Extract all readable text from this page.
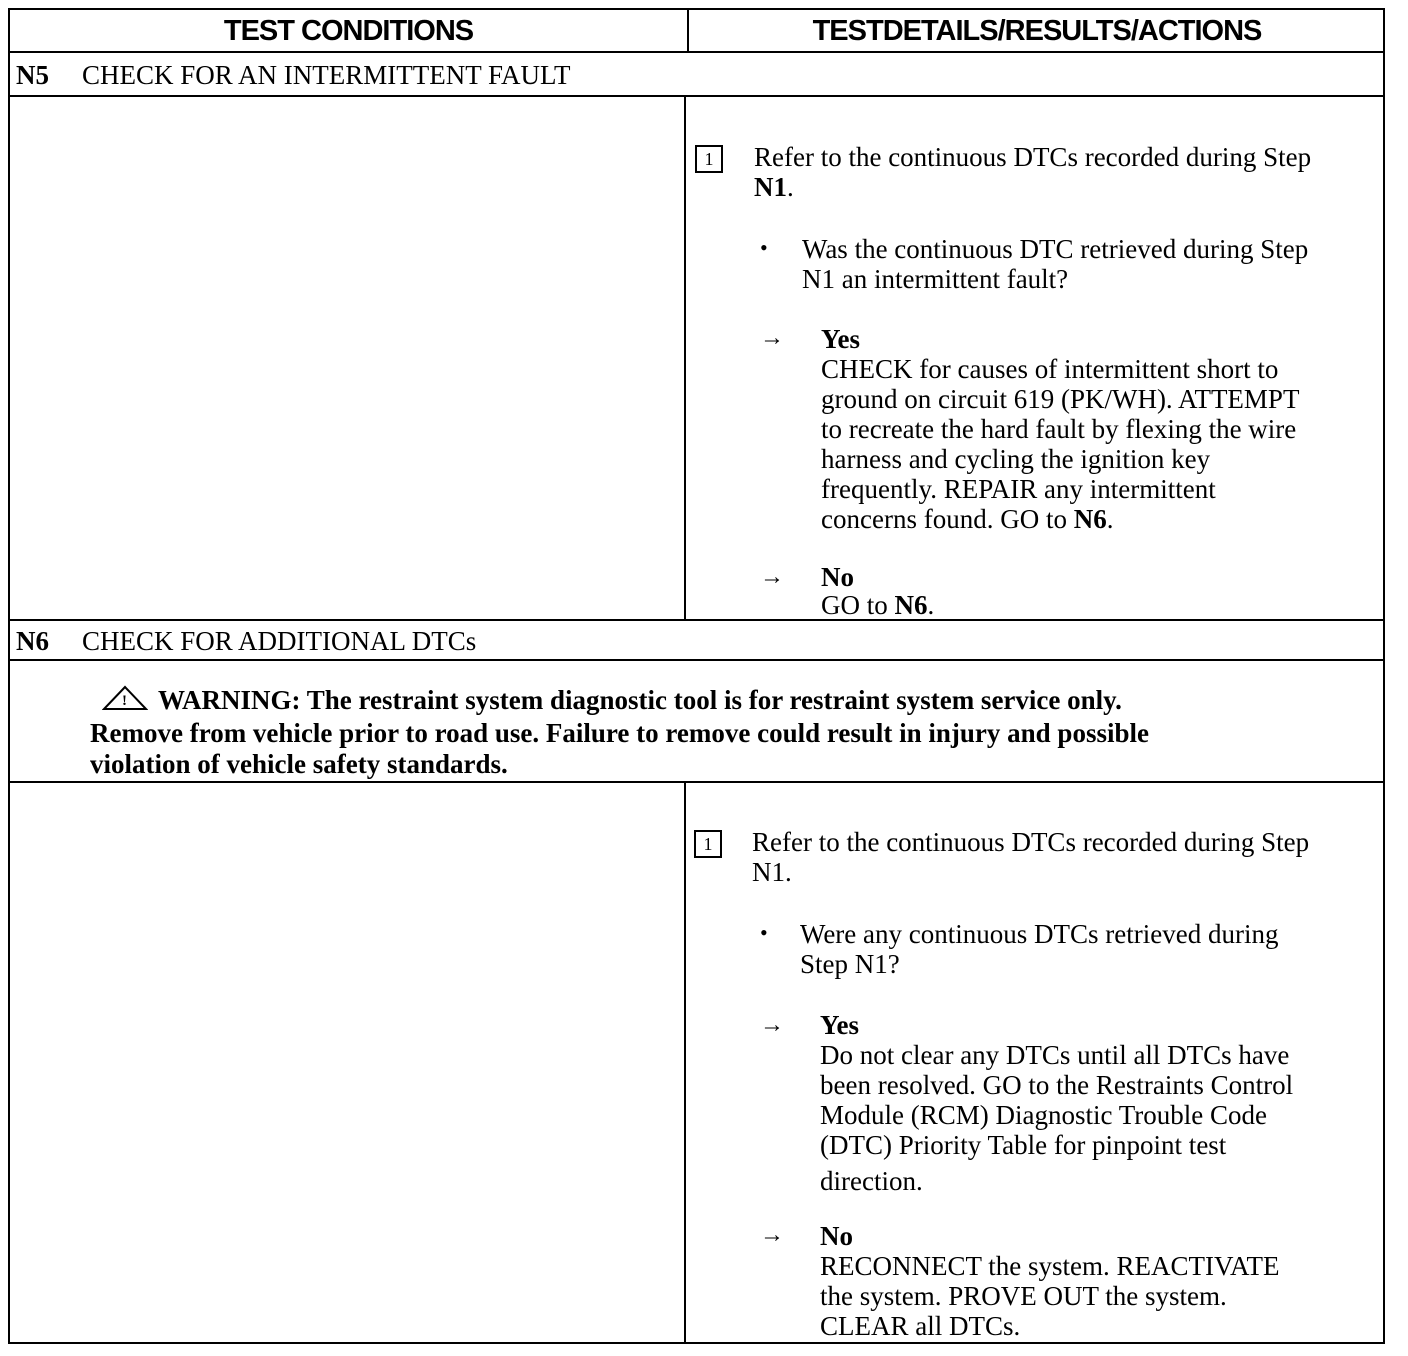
TEST CONDITIONS	TESTDETAILS/RESULTS/ACTIONS
N5 CHECK FOR AN INTERMITTENT FAULT
1	Refer to the continuous DTCs recorded during Step
N1.
• Was the continuous DTC retrieved during Step
N1 an intermittent fault?
→ Yes
CHECK for causes of intermittent short to
ground on circuit 619 (PK/WH). ATTEMPT
to recreate the hard fault by flexing the wire
harness and cycling the ignition key
frequently. REPAIR any intermittent
concerns found. GO to N6.
→ No
GO to N6.
N6 CHECK FOR ADDITIONAL DTCs
! WARNING: The restraint system diagnostic tool is for restraint system service only.
Remove from vehicle prior to road use. Failure to remove could result in injury and possible
violation of vehicle safety standards.
1	Refer to the continuous DTCs recorded during Step
N1.
• Were any continuous DTCs retrieved during
Step N1?
→ Yes
Do not clear any DTCs until all DTCs have
been resolved. GO to the Restraints Control
Module (RCM) Diagnostic Trouble Code
(DTC) Priority Table for pinpoint test
direction.
→ No
RECONNECT the system. REACTIVATE
the system. PROVE OUT the system.
CLEAR all DTCs.
